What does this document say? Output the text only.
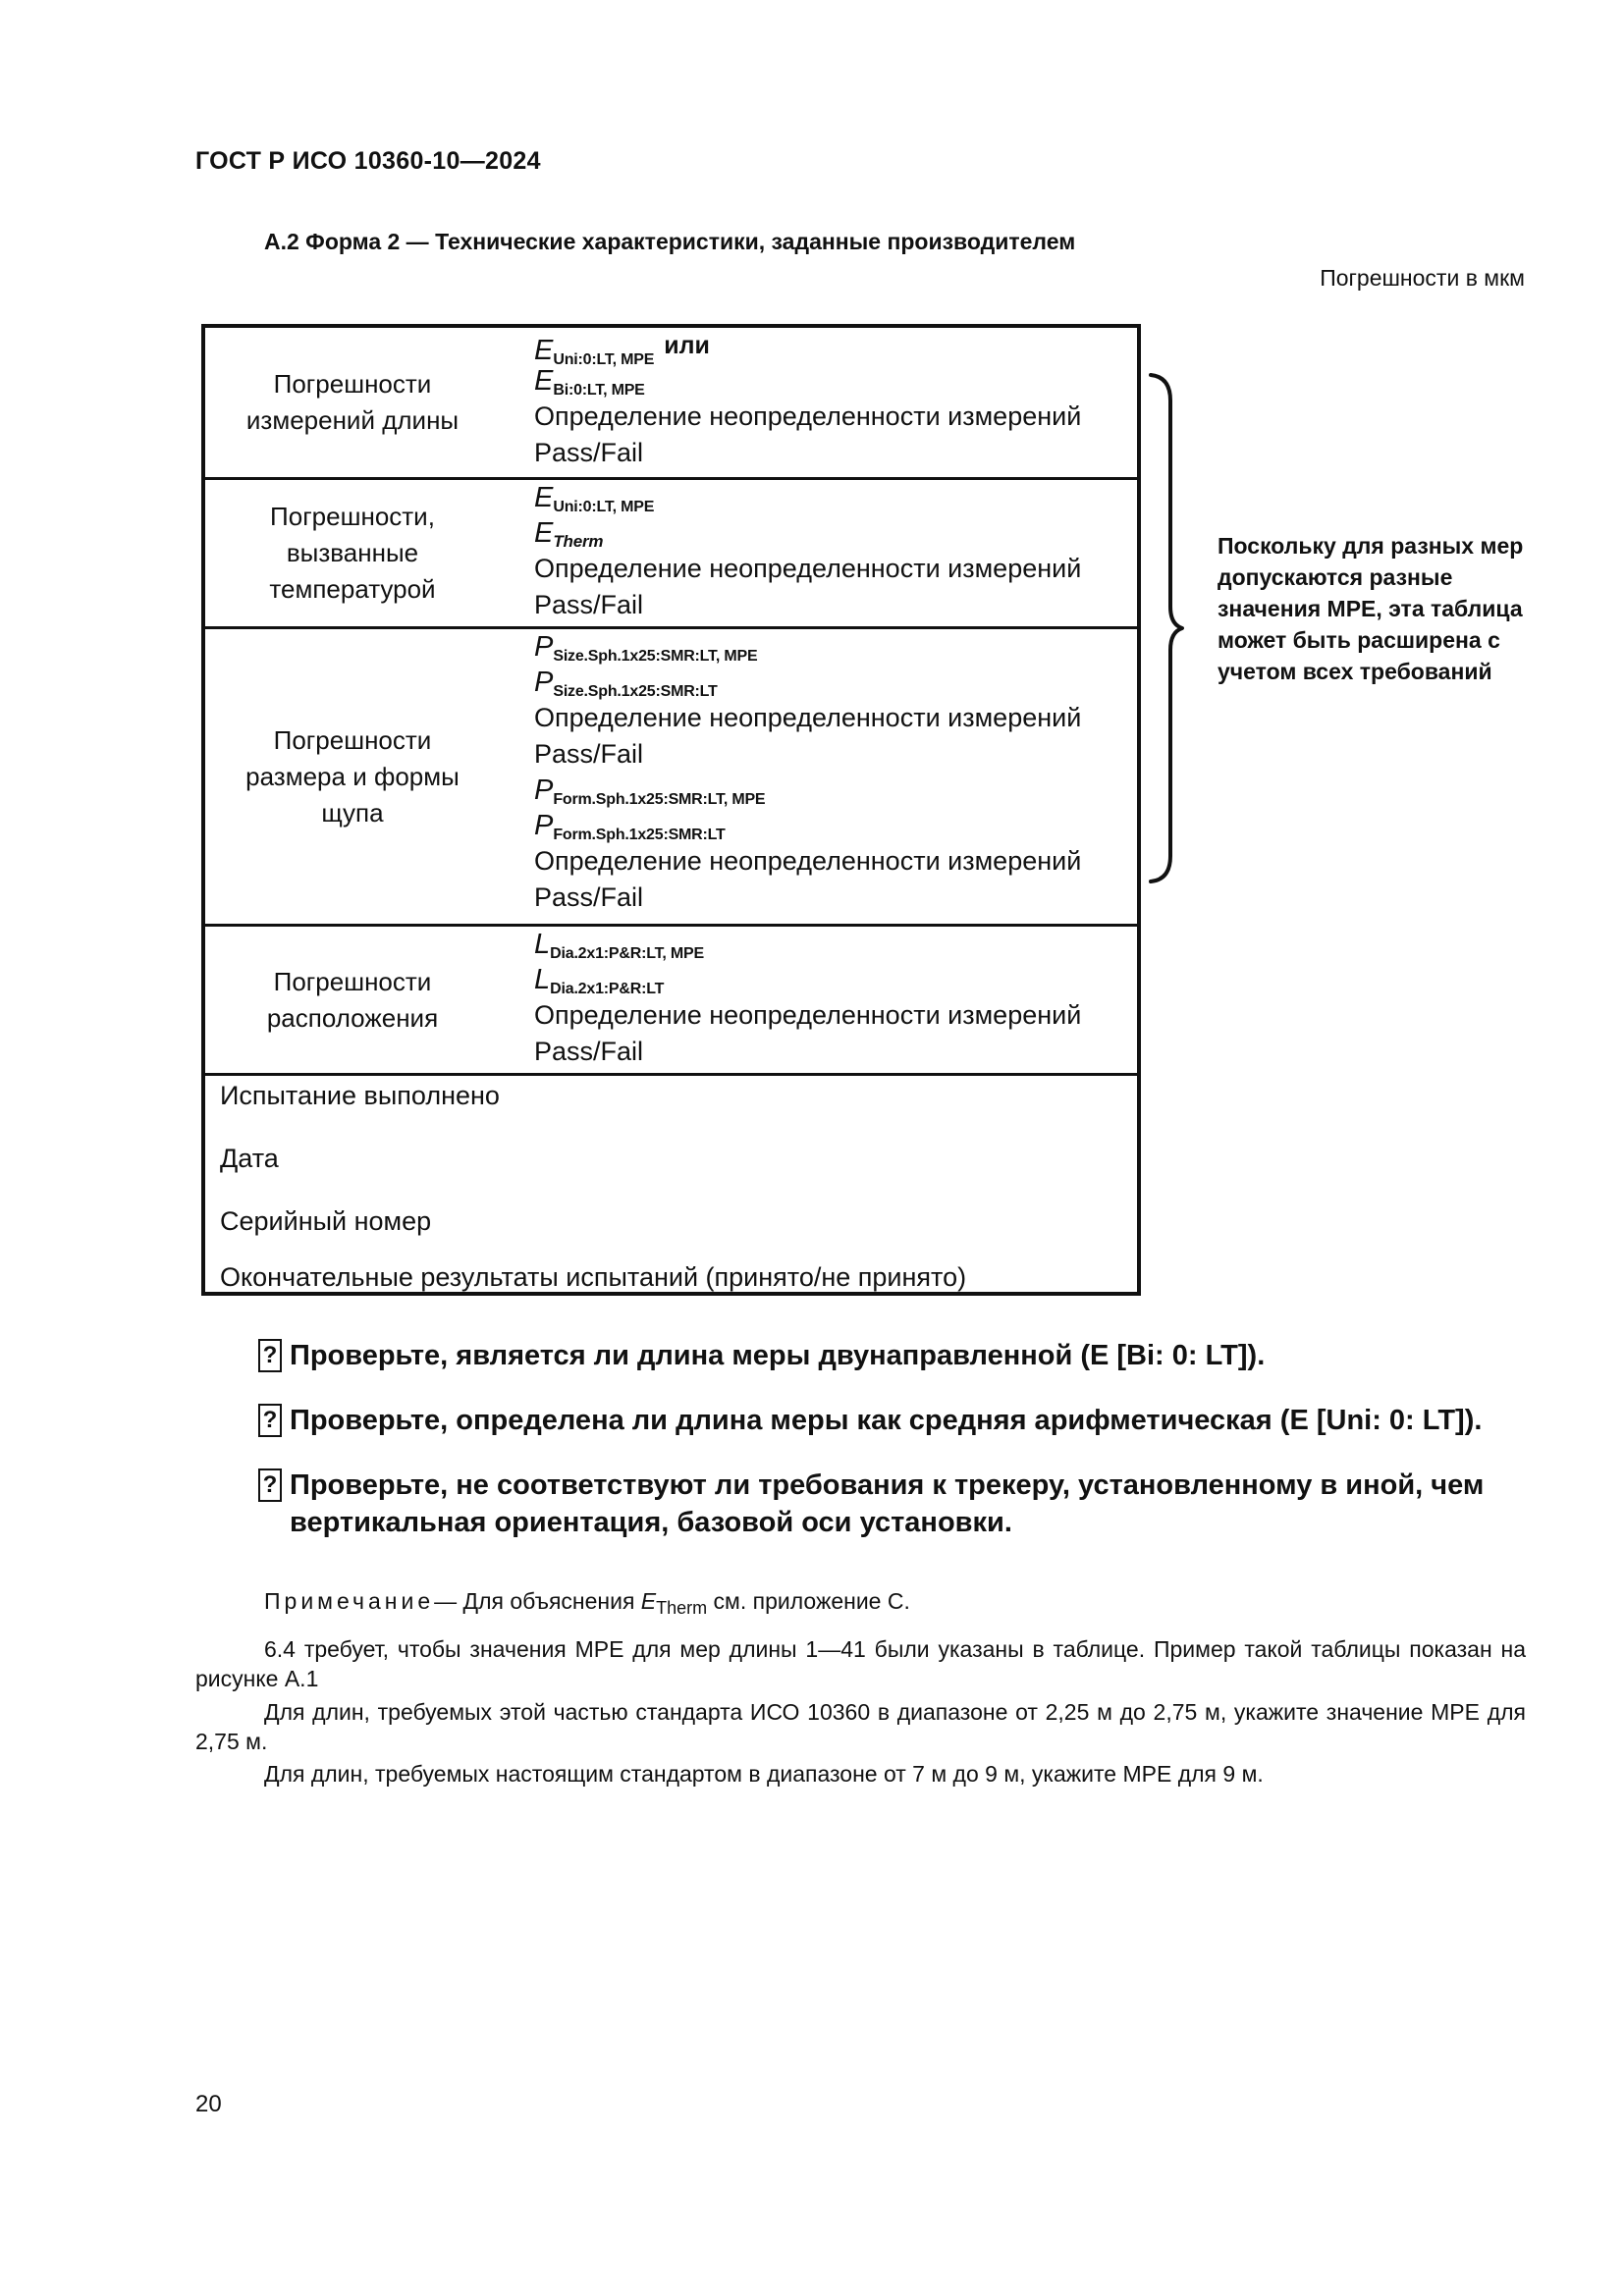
ГОСТ Р ИСО 10360-10—2024
А.2 Форма 2 — Технические характеристики, заданные производителем
Погрешности в мкм
Погрешности
измерений длины
$E_{Uni:0:LT, MPE}или$
$E_{Bi:0:LT, MPE}$
Определение неопределенности измерений
Pass/Fail
Погрешности,
вызванные
температурой
$E_{Uni:0:LT, MPE}$
$E_{Therm}$
Определение неопределенности измерений
Pass/Fail
Погрешности
размера и формы
щупа
$P_{Size.Sph.1x25:SMR:LT, MPE}$
$P_{Size.Sph.1x25:SMR:LT}$
Определение неопределенности измерений
Pass/Fail
$P_{Form.Sph.1x25:SMR:LT, MPE}$
$P_{Form.Sph.1x25:SMR:LT}$
Определение неопределенности измерений
Pass/Fail
Погрешности
расположения
$L_{Dia.2x1:P\&R:LT, MPE}$
$L_{Dia.2x1:P\&R:LT}$
Определение неопределенности измерений
Pass/Fail
Испытание выполнено
Дата
Серийный номер
Окончательные результаты испытаний (принято/не принято)

Поскольку для разных мер допускаются разные значения МРЕ, эта таблица может быть расширена с учетом всех требований

? Проверьте, является ли длина меры двунаправленной (E [Bi: 0: LT]).
? Проверьте, определена ли длина меры как средняя арифметическая (E [Uni: 0: LT]).
? Проверьте, не соответствуют ли требования к трекеру, установленному в иной, чем вертикальная ориентация, базовой оси установки.
Примечание— Для объяснения $E_{Therm}$ см. приложение С.

6.4 требует, чтобы значения МРЕ для мер длины 1—41 были указаны в таблице. Пример такой таблицы показан на рисунке А.1

Для длин, требуемых этой частью стандарта ИСО 10360 в диапазоне от 2,25 м до 2,75 м, укажите значение МРЕ для 2,75 м.

Для длин, требуемых настоящим стандартом в диапазоне от 7 м до 9 м, укажите МРЕ для 9 м.

20
